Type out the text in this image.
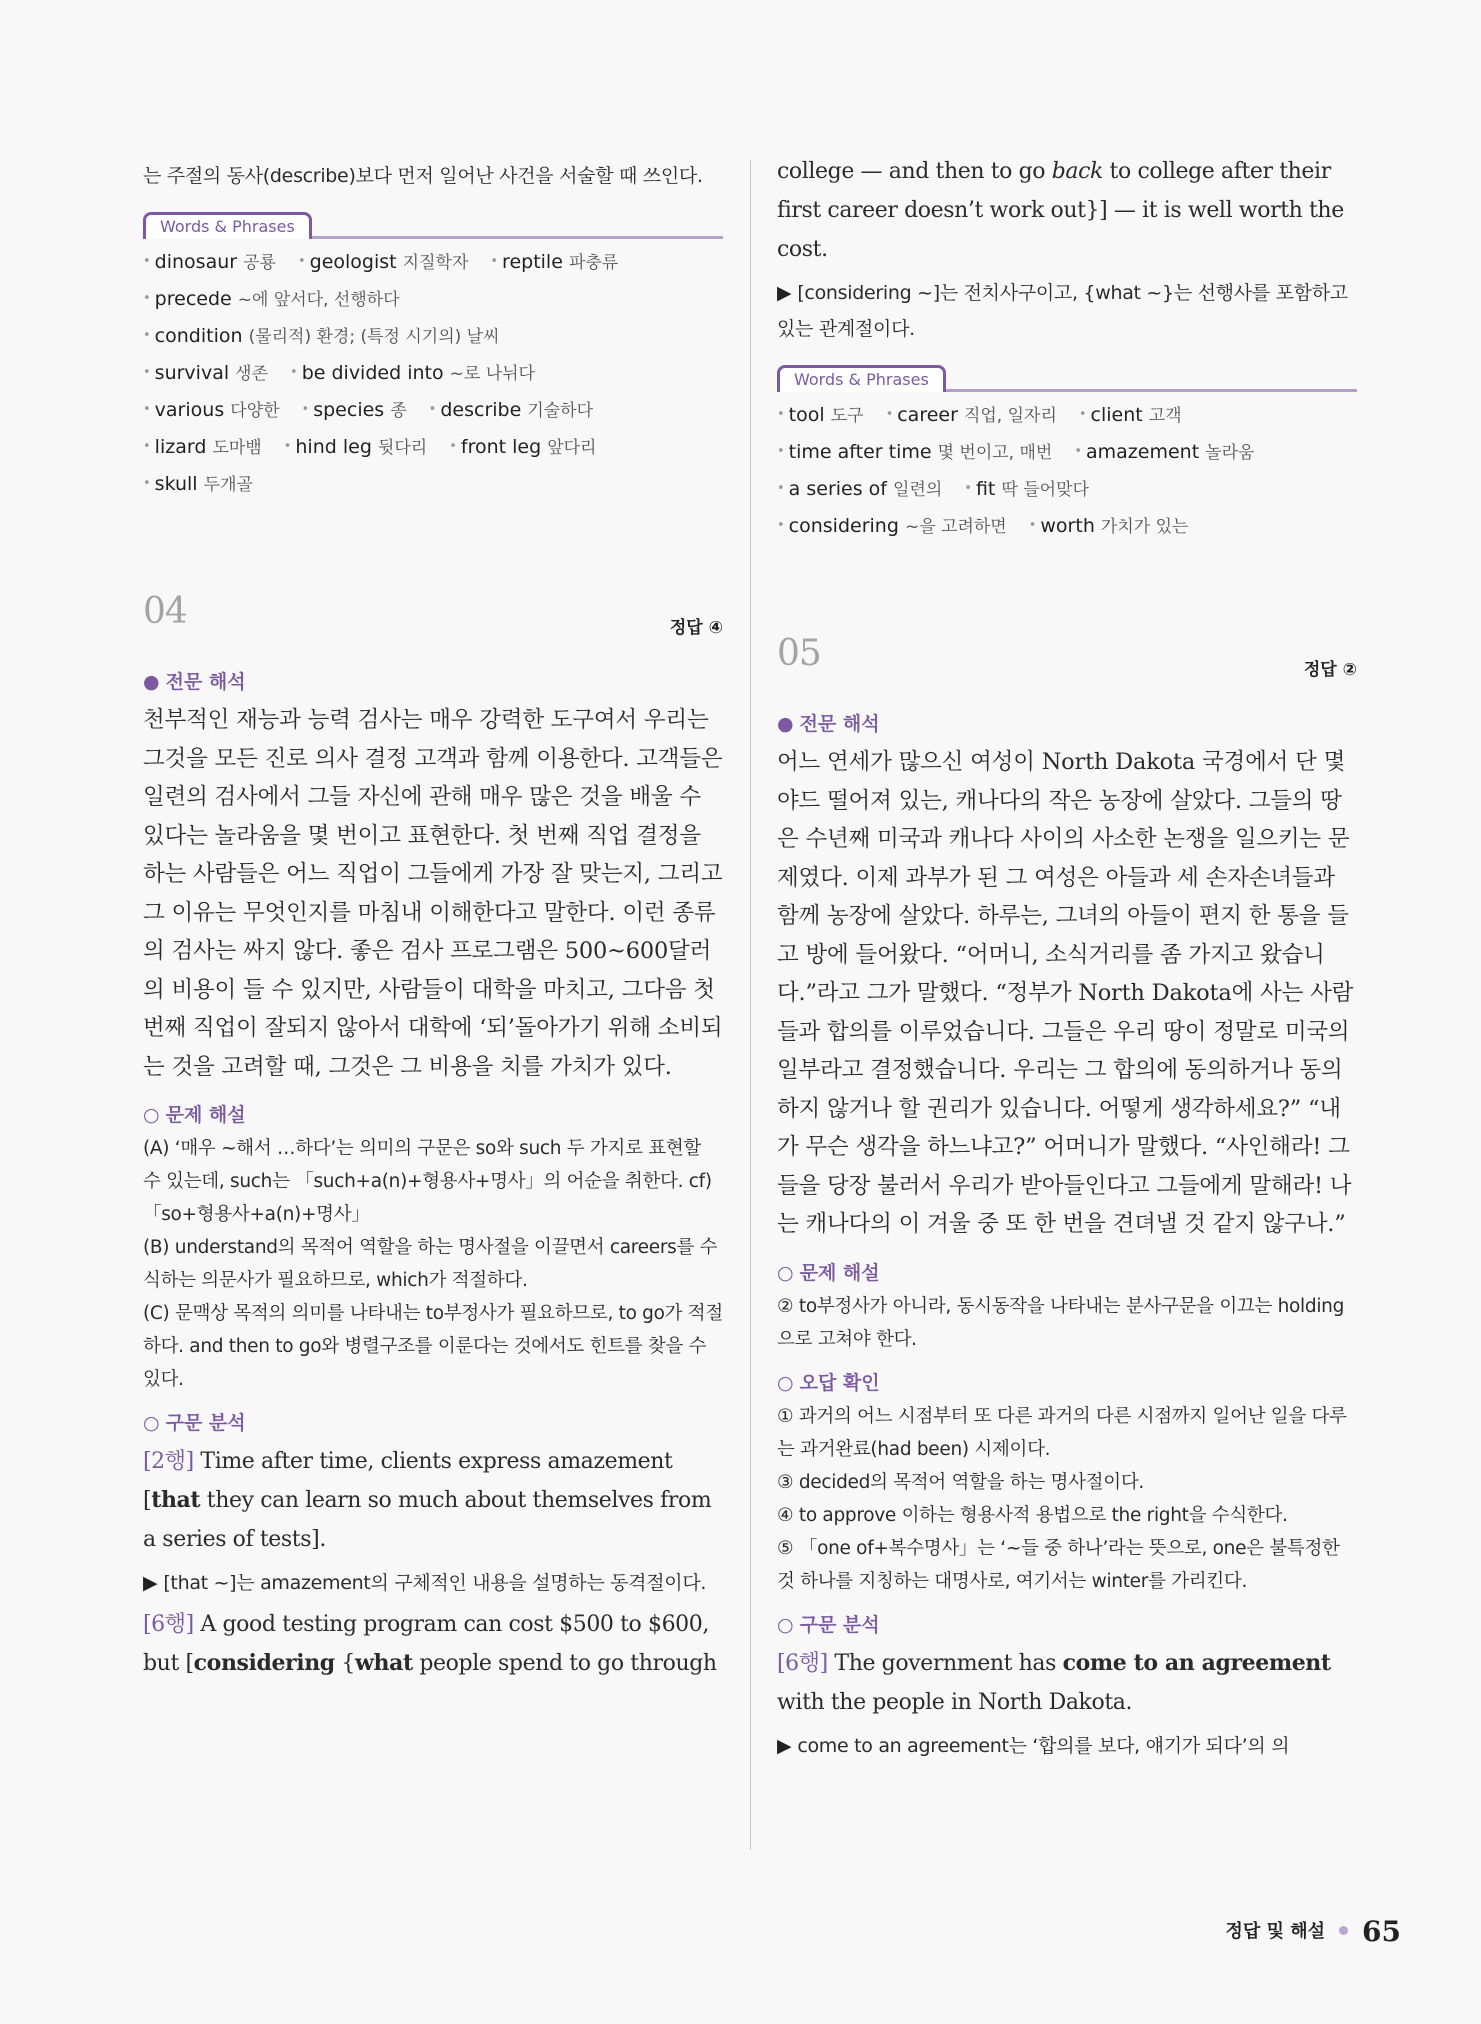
는 주절의 동사(describe)보다 먼저 일어난 사건을 서술할 때 쓰인다.

Words & Phrases
• dinosaur 공룡 • geologist 지질학자 • reptile 파충류
• precede ~에 앞서다, 선행하다
• condition (물리적) 환경; (특정 시기의) 날씨
• survival 생존 • be divided into ~로 나뉘다
• various 다양한 • species 종 • describe 기술하다
• lizard 도마뱀 • hind leg 뒷다리 • front leg 앞다리
• skull 두개골
04	정답 ④
● 전문 해석

천부적인 재능과 능력 검사는 매우 강력한 도구여서 우리는 그것을 모든 진로 의사 결정 고객과 함께 이용한다. 고객들은 일련의 검사에서 그들 자신에 관해 매우 많은 것을 배울 수 있다는 놀라움을 몇 번이고 표현한다. 첫 번째 직업 결정을 하는 사람들은 어느 직업이 그들에게 가장 잘 맞는지, 그리고 그 이유는 무엇인지를 마침내 이해한다고 말한다. 이런 종류의 검사는 싸지 않다. 좋은 검사 프로그램은 500~600달러의 비용이 들 수 있지만, 사람들이 대학을 마치고, 그다음 첫 번째 직업이 잘되지 않아서 대학에 ‘되’돌아가기 위해 소비되는 것을 고려할 때, 그것은 그 비용을 치를 가치가 있다.

○ 문제 해설

(A) ‘매우 ~해서 …하다’는 의미의 구문은 so와 such 두 가지로 표현할 수 있는데, such는 「such+a(n)+형용사+명사」의 어순을 취한다. cf) 「so+형용사+a(n)+명사」

(B) understand의 목적어 역할을 하는 명사절을 이끌면서 careers를 수식하는 의문사가 필요하므로, which가 적절하다.

(C) 문맥상 목적의 의미를 나타내는 to부정사가 필요하므로, to go가 적절하다. and then to go와 병렬구조를 이룬다는 것에서도 힌트를 찾을 수 있다.

○ 구문 분석

[2행] Time after time, clients express amazement [that they can learn so much about themselves from a series of tests].

▶ [that ~]는 amazement의 구체적인 내용을 설명하는 동격절이다.

[6행] A good testing program can cost $500 to $600, but [considering {what people spend to go through

college — and then to go back to college after their first career doesn’t work out}] — it is well worth the cost.

▶ [considering ~]는 전치사구이고, {what ~}는 선행사를 포함하고 있는 관계절이다.

Words & Phrases
• tool 도구 • career 직업, 일자리 • client 고객
• time after time 몇 번이고, 매번 • amazement 놀라움
• a series of 일련의 • fit 딱 들어맞다
• considering ~을 고려하면 • worth 가치가 있는
05	정답 ②
● 전문 해석

어느 연세가 많으신 여성이 North Dakota 국경에서 단 몇 야드 떨어져 있는, 캐나다의 작은 농장에 살았다. 그들의 땅은 수년째 미국과 캐나다 사이의 사소한 논쟁을 일으키는 문제였다. 이제 과부가 된 그 여성은 아들과 세 손자손녀들과 함께 농장에 살았다. 하루는, 그녀의 아들이 편지 한 통을 들고 방에 들어왔다. “어머니, 소식거리를 좀 가지고 왔습니다.”라고 그가 말했다. “정부가 North Dakota에 사는 사람들과 합의를 이루었습니다. 그들은 우리 땅이 정말로 미국의 일부라고 결정했습니다. 우리는 그 합의에 동의하거나 동의하지 않거나 할 권리가 있습니다. 어떻게 생각하세요?” “내가 무슨 생각을 하느냐고?” 어머니가 말했다. “사인해라! 그들을 당장 불러서 우리가 받아들인다고 그들에게 말해라! 나는 캐나다의 이 겨울 중 또 한 번을 견뎌낼 것 같지 않구나.”

○ 문제 해설

② to부정사가 아니라, 동시동작을 나타내는 분사구문을 이끄는 holding으로 고쳐야 한다.

○ 오답 확인

① 과거의 어느 시점부터 또 다른 과거의 다른 시점까지 일어난 일을 다루는 과거완료(had been) 시제이다.

③ decided의 목적어 역할을 하는 명사절이다.

④ to approve 이하는 형용사적 용법으로 the right을 수식한다.

⑤ 「one of+복수명사」는 ‘~들 중 하나’라는 뜻으로, one은 불특정한 것 하나를 지칭하는 대명사로, 여기서는 winter를 가리킨다.

○ 구문 분석

[6행] The government has come to an agreement with the people in North Dakota.

▶ come to an agreement는 ‘합의를 보다, 얘기가 되다’의 의

정답 및 해설 65
